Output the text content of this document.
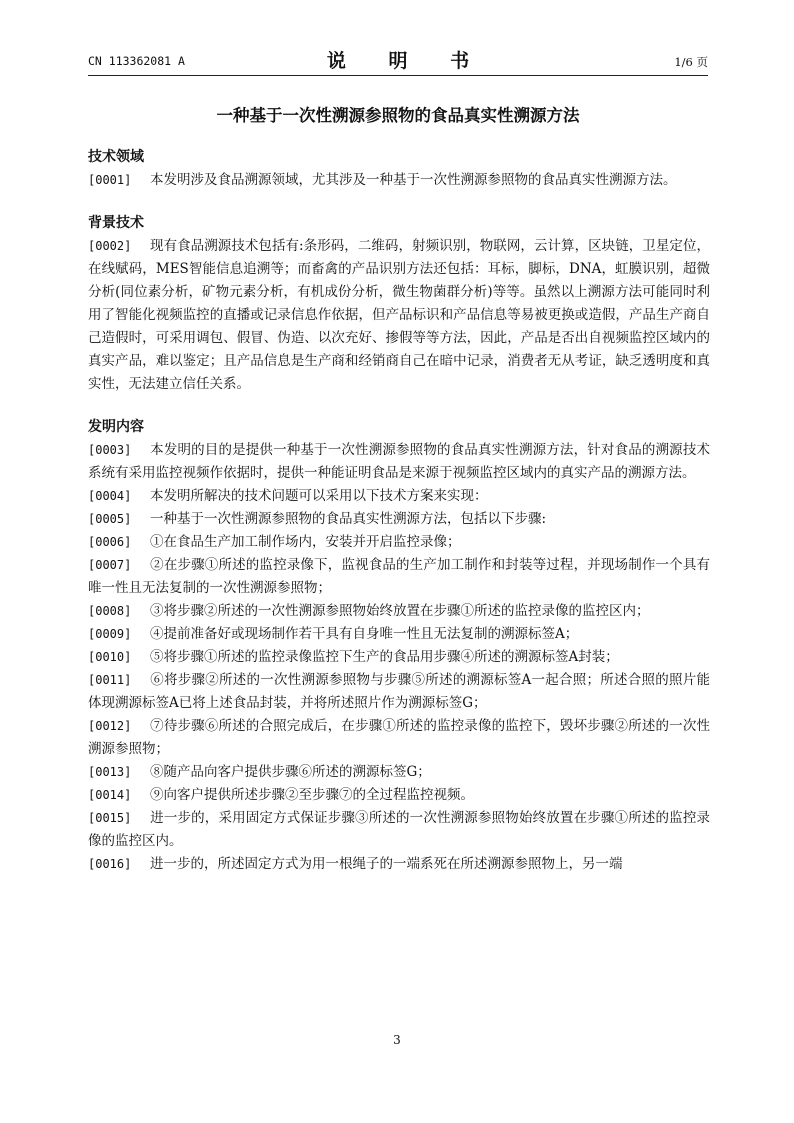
CN 113362081 A	说 明 书	1/6 页
一种基于一次性溯源参照物的食品真实性溯源方法

技术领域

[0001] 本发明涉及食品溯源领域，尤其涉及一种基于一次性溯源参照物的食品真实性溯源方法。

背景技术

[0002] 现有食品溯源技术包括有:条形码，二维码，射频识别，物联网，云计算，区块链，卫星定位，在线赋码，MES智能信息追溯等；而畜禽的产品识别方法还包括：耳标，脚标，DNA，虹膜识别，超微分析(同位素分析，矿物元素分析，有机成份分析，微生物菌群分析)等等。虽然以上溯源方法可能同时利用了智能化视频监控的直播或记录信息作依据，但产品标识和产品信息等易被更换或造假，产品生产商自己造假时，可采用调包、假冒、伪造、以次充好、掺假等等方法，因此，产品是否出自视频监控区域内的真实产品，难以鉴定；且产品信息是生产商和经销商自己在暗中记录，消费者无从考证，缺乏透明度和真实性，无法建立信任关系。

发明内容

[0003] 本发明的目的是提供一种基于一次性溯源参照物的食品真实性溯源方法，针对食品的溯源技术系统有采用监控视频作依据时，提供一种能证明食品是来源于视频监控区域内的真实产品的溯源方法。

[0004] 本发明所解决的技术问题可以采用以下技术方案来实现：

[0005] 一种基于一次性溯源参照物的食品真实性溯源方法，包括以下步骤:

[0006] ①在食品生产加工制作场内，安装并开启监控录像；

[0007] ②在步骤①所述的监控录像下，监视食品的生产加工制作和封装等过程，并现场制作一个具有唯一性且无法复制的一次性溯源参照物；

[0008] ③将步骤②所述的一次性溯源参照物始终放置在步骤①所述的监控录像的监控区内；

[0009] ④提前准备好或现场制作若干具有自身唯一性且无法复制的溯源标签A；

[0010] ⑤将步骤①所述的监控录像监控下生产的食品用步骤④所述的溯源标签A封装；

[0011] ⑥将步骤②所述的一次性溯源参照物与步骤⑤所述的溯源标签A一起合照；所述合照的照片能体现溯源标签A已将上述食品封装，并将所述照片作为溯源标签G；

[0012] ⑦待步骤⑥所述的合照完成后，在步骤①所述的监控录像的监控下，毁坏步骤②所述的一次性溯源参照物；

[0013] ⑧随产品向客户提供步骤⑥所述的溯源标签G；

[0014] ⑨向客户提供所述步骤②至步骤⑦的全过程监控视频。

[0015] 进一步的，采用固定方式保证步骤③所述的一次性溯源参照物始终放置在步骤①所述的监控录像的监控区内。

[0016] 进一步的，所述固定方式为用一根绳子的一端系死在所述溯源参照物上，另一端

3
